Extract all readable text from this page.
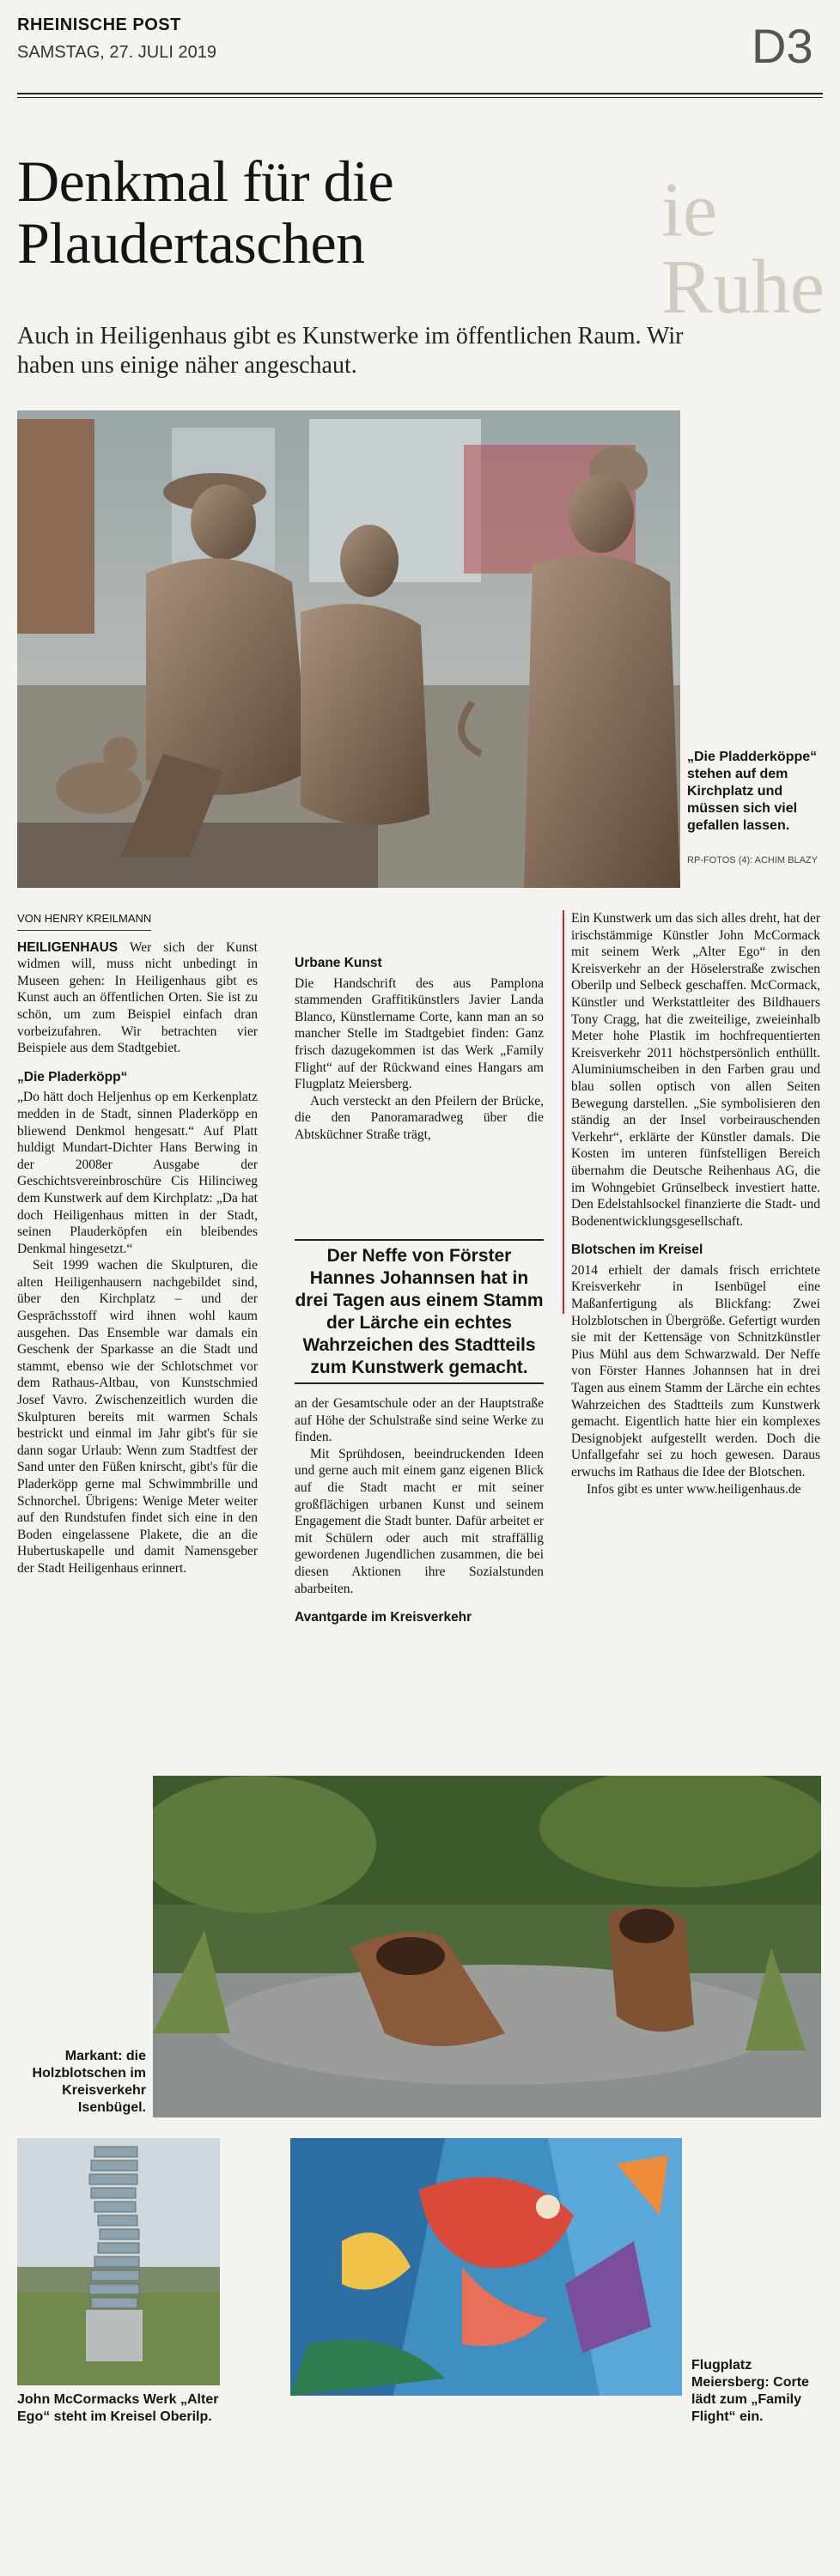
RHEINISCHE POST
SAMSTAG, 27. JULI 2019	D3
ie Ruhe
Denkmal für die Plaudertaschen
Auch in Heiligenhaus gibt es Kunstwerke im öffentlichen Raum. Wir haben uns einige näher angeschaut.
„Die Pladderköppe“ stehen auf dem Kirchplatz und müssen sich viel gefallen lassen.
RP-FOTOS (4): ACHIM BLAZY
VON HENRY KREILMANN

HEILIGENHAUS Wer sich der Kunst widmen will, muss nicht unbedingt in Museen gehen: In Heiligenhaus gibt es Kunst auch an öffentlichen Orten. Sie ist zu schön, um zum Beispiel einfach dran vorbeizufahren. Wir betrachten vier Beispiele aus dem Stadtgebiet.

„Die Pladerköpp“

„Do hätt doch Heljenhus op em Kerkenplatz medden in de Stadt, sinnen Pladerköpp en bliewend Denkmol hengesatt.“ Auf Platt huldigt Mundart-Dichter Hans Berwing in der 2008er Ausgabe der Geschichtsvereinbroschüre Cis Hilinciweg dem Kunstwerk auf dem Kirchplatz: „Da hat doch Heiligenhaus mitten in der Stadt, seinen Plauderköpfen ein bleibendes Denkmal hingesetzt.“

Seit 1999 wachen die Skulpturen, die alten Heiligenhausern nachgebildet sind, über den Kirchplatz – und der Gesprächsstoff wird ihnen wohl kaum ausgehen. Das Ensemble war damals ein Geschenk der Sparkasse an die Stadt und stammt, ebenso wie der Schlotschmet vor dem Rathaus-Altbau, von Kunstschmied Josef Vavro. Zwischenzeitlich wurden die Skulpturen bereits mit warmen Schals bestrickt und einmal im Jahr gibt's für sie dann sogar Urlaub: Wenn zum Stadtfest der Sand unter den Füßen knirscht, gibt's für die Pladerköpp gerne mal Schwimmbrille und Schnorchel. Übrigens: Wenige Meter weiter auf den Rundstufen findet sich eine in den Boden eingelassene Plakete, die an die Hubertuskapelle und damit Namensgeber der Stadt Heiligenhaus erinnert.

Urbane Kunst

Die Handschrift des aus Pamplona stammenden Graffitikünstlers Javier Landa Blanco, Künstlername Corte, kann man an so mancher Stelle im Stadtgebiet finden: Ganz frisch dazugekommen ist das Werk „Family Flight“ auf der Rückwand eines Hangars am Flugplatz Meiersberg.

Auch versteckt an den Pfeilern der Brücke, die den Panoramaradweg über die Abtsküchner Straße trägt,

Der Neffe von Förster Hannes Johannsen hat in drei Tagen aus einem Stamm der Lärche ein echtes Wahrzeichen des Stadtteils zum Kunstwerk gemacht.

an der Gesamtschule oder an der Hauptstraße auf Höhe der Schulstraße sind seine Werke zu finden.

Mit Sprühdosen, beeindruckenden Ideen und gerne auch mit einem ganz eigenen Blick auf die Stadt macht er mit seiner großflächigen urbanen Kunst und seinem Engagement die Stadt bunter. Dafür arbeitet er mit Schülern oder auch mit straffällig gewordenen Jugendlichen zusammen, die bei diesen Aktionen ihre Sozialstunden abarbeiten.

Avantgarde im Kreisverkehr

Ein Kunstwerk um das sich alles dreht, hat der irischstämmige Künstler John McCormack mit seinem Werk „Alter Ego“ in den Kreisverkehr an der Höselerstraße zwischen Oberilp und Selbeck geschaffen. McCormack, Künstler und Werkstattleiter des Bildhauers Tony Cragg, hat die zweiteilige, zweieinhalb Meter hohe Plastik im hochfrequentierten Kreisverkehr 2011 höchstpersönlich enthüllt. Aluminiumscheiben in den Farben grau und blau sollen optisch von allen Seiten Bewegung darstellen. „Sie symbolisieren den ständig an der Insel vorbeirauschenden Verkehr“, erklärte der Künstler damals. Die Kosten im unteren fünfstelligen Bereich übernahm die Deutsche Reihenhaus AG, die im Wohngebiet Grünselbeck investiert hatte. Den Edelstahlsockel finanzierte die Stadt- und Bodenentwicklungsgesellschaft.

Blotschen im Kreisel

2014 erhielt der damals frisch errichtete Kreisverkehr in Isenbügel eine Maßanfertigung als Blickfang: Zwei Holzblotschen in Übergröße. Gefertigt wurden sie mit der Kettensäge von Schnitzkünstler Pius Mühl aus dem Schwarzwald. Der Neffe von Förster Hannes Johannsen hat in drei Tagen aus einem Stamm der Lärche ein echtes Wahrzeichen des Stadtteils zum Kunstwerk gemacht. Eigentlich hatte hier ein komplexes Designobjekt aufgestellt werden. Doch die Unfallgefahr sei zu hoch gewesen. Daraus erwuchs im Rathaus die Idee der Blotschen.

Infos gibt es unter www.heiligenhaus.de

Markant: die Holzblotschen im Kreisverkehr Isenbügel.
John McCormacks Werk „Alter Ego“ steht im Kreisel Oberilp.
Flugplatz Meiersberg: Corte lädt zum „Family Flight“ ein.
